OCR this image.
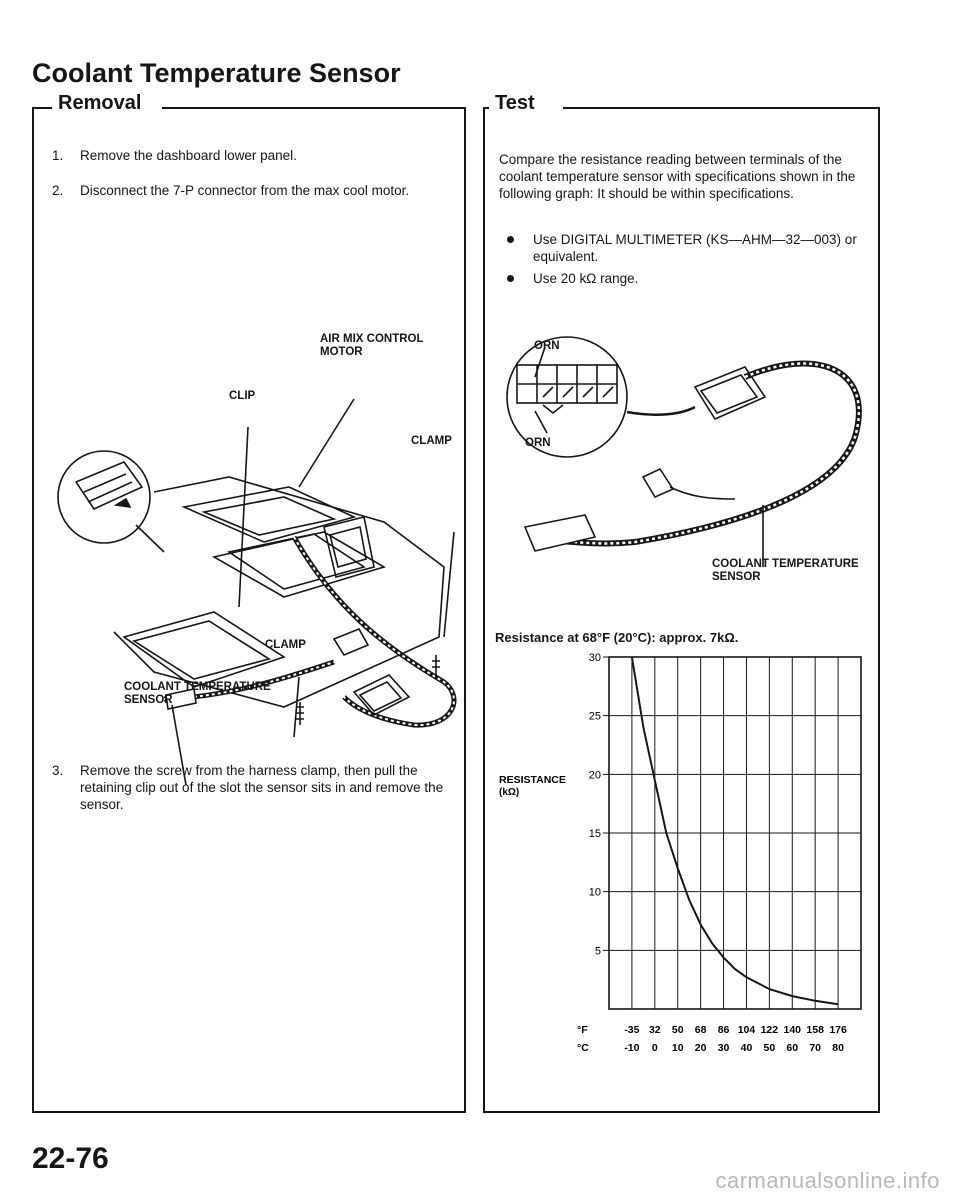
Coolant Temperature Sensor
Removal
1. Remove the dashboard lower panel.
2. Disconnect the 7-P connector from the max cool motor.
AIR MIX CONTROL
MOTOR
CLIP
CLAMP
CLAMP
COOLANT TEMPERATURE
SENSOR
3. Remove the screw from the harness clamp, then pull the retaining clip out of the slot the sensor sits in and remove the sensor.
Test
Compare the resistance reading between terminals of the coolant temperature sensor with specifications shown in the following graph: It should be within specifications.
Use DIGITAL MULTIMETER (KS—AHM—32—003) or equivalent.
Use 20 kΩ range.
ORN
ORN
COOLANT TEMPERATURE
SENSOR
Resistance at 68°F (20°C): approx. 7kΩ.
30
25
20
15
10
5
-35
-10
32
0
50
10
68
20
86
30
104
40
122
50
140
60
158
70
176
80
°F
°C
RESISTANCE
(kΩ)
22-76
carmanualsonline.info
